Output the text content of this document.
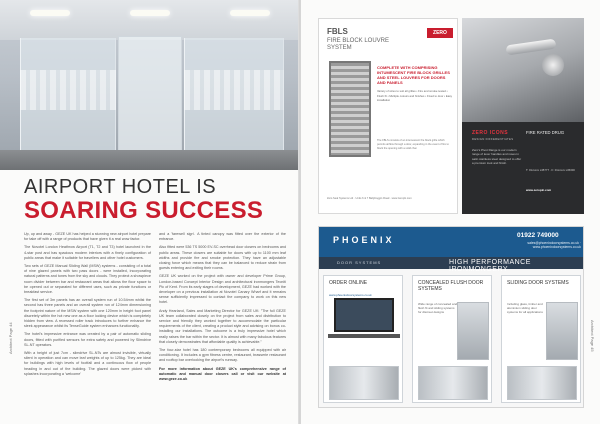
AIRPORT HOTEL IS
SOARING SUCCESS

Up, up and away - GEZE UK has helped a stunning new airport hotel prepare for take off with a range of products that have given it a real wow factor.

The Novotel London Heathrow Airport (T1, T2 and T3) hotel launched in the 4-star post and has spacious modern interiors with a finely configuration of public areas that make it suitable for travellers and other hotel customers.

Two sets of GEZE Manual Sliding Wall (MSW) systems - consisting of a total of nine glazed panels with two pass doors - were installed, incorporating natural patterns and tones from the sky and clouds. They protect a showpiece room divider between bar and restaurant areas that allows the floor space to be opened out or separated for different uses, such as private functions or breakfast service.

The first set of 3m panels has an overall system run of 10.54mm whilst the second has three panels and an overall system run of 124mm dimensioning the footprint nature of the MSW system with one 120mm in height foot panel discretely within the hot new one as a floor locking device which is completely hidden from view. A recessed roller track introduces to further enhance the sleek appearance whilst its TenseGuide system enhances functionality.

The hotel's impressive entrance was created by a pair of automatic sliding doors, fitted with purified sensors for extra safety and powered by Slimdrive SL-NT operators.

With a height of just 7cm - slimdrive SL-NTs are almost invisible, virtually silent in operation and can move leaf weights of up to 125kg. They are ideal for buildings with high levels of footfall and a continuous flow of people heading in and out of the building. The glazed doors were picked with splashes incorporating a 'welcome'

and a 'farewell sign'. A tinted canopy was fitted over the exterior of the entrance.

Also fitted were 536 TS 5000 EV-SC overhead door closers on bedrooms and public areas. These closers are suitable for doors with up to 1100 mm leaf widths and provide fire and smoke protection. They have an adjustable closing force which means that they can be balanced to reduce strain from guests entering and exiting their rooms.

GEZE UK worked on the project with owner and developer Prime Group, London-based Concept Interior Design and architectural ironmongers Tecniti Plc of Kent. From its early stages of development, GEZE had worked with the developer on a previous installation at Novotel Canary Wharf and it remains sense sufficiently impressed to contact the company to work on this new hotel.

Andy Hearland, Sales and Marketing Director for GEZE UK: "The full GEZE UK team collaborated closely on the project from sales and distribution to service and friendly they worked together to accommodate the particular requirements of the client, creating a product style and advising on bonus co-installing our installations. The outcome is a truly impressive hotel which really raises the bar within the sector. It is almost with many fabulous features that closely demonstrates that affordable quality is achievable."

The four-star hotel has 180 contemporary bedrooms all equipped with air conditioning. It includes a gym fitness centre, restaurant, brasserie restaurant and rooftop bar overlooking the airport's runway.

For more information about GEZE UK's comprehensive range of automatic and manual door closers call or visit our website at www.geze.co.uk

Architect Page 44
FBLS
FIRE BLOCK LOUVRE SYSTEM
ZERO
COMPLETE WITH COMPRISING INTUMESCENT FIRE BLOCK GRILLES AND STEEL LOUVRES FOR DOORS AND PANELS
Variety of sizes to suit all grilles • Fire and smoke tested • Flush fit • Multiple colours and finishes • Fixed to door • Easy installation
The FBLS consists of an intumescent fire block grille which permits airflow through a door, expanding in the event of fire to block the opening with a solid char.
Zero Seal Systems Ltd · Units 6 & 7 Ballyboggin Road · www.zeroplc.com
ZERO ICONS
DESIGN DIFFERENTIATES
FIRE RATED DRUG
Zero's Pivot Range is our modern range of lever handles and roses in satin stainless steel designed to offer a premium look and finish.
T: 01xxxxx x45777 · F: 01xxxxx x45300
www.zeroplc.com
PHOENIX	01922 749000
sales@phoenixdoorsystems.co.uk · www.phoenixdoorsystems.co.uk
DOOR SYSTEMS	HIGH PERFORMANCE IRONMONGERY
ORDER ONLINE
www.phoenixdoorsystems.co.uk
CONCEALED FLUSH DOOR SYSTEMS
Wide range of concealed and flush fit and sliding systems for discreet designs
SLIDING DOOR SYSTEMS
Including glass, timber and aluminium sliding door systems for all applications
Architect Page 45
